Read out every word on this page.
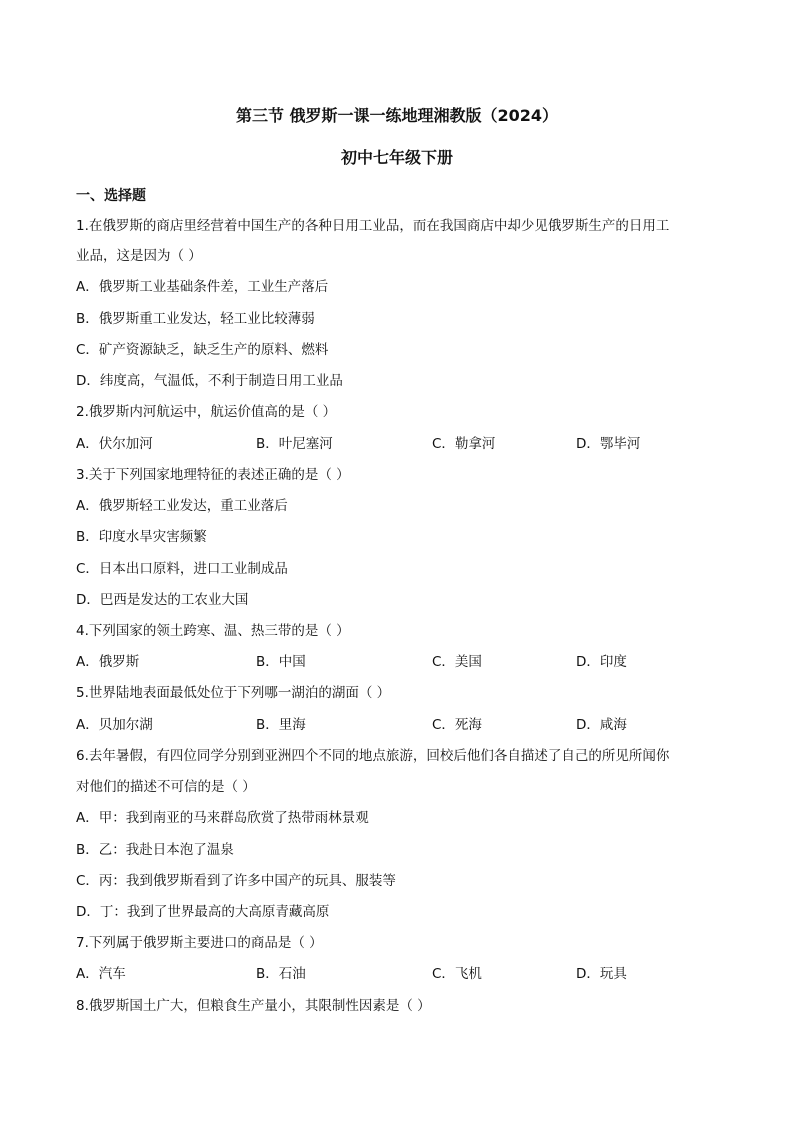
第三节 俄罗斯一课一练地理湘教版（2024）
初中七年级下册
一、选择题
1.在俄罗斯的商店里经营着中国生产的各种日用工业品，而在我国商店中却少见俄罗斯生产的日用工
业品，这是因为（ ）
A．俄罗斯工业基础条件差，工业生产落后
B．俄罗斯重工业发达，轻工业比较薄弱
C．矿产资源缺乏，缺乏生产的原料、燃料
D．纬度高，气温低，不利于制造日用工业品
2.俄罗斯内河航运中，航运价值高的是（ ）
A．伏尔加河	B．叶尼塞河	C．勒拿河	D．鄂毕河
3.关于下列国家地理特征的表述正确的是（ ）
A．俄罗斯轻工业发达，重工业落后
B．印度水旱灾害频繁
C．日本出口原料，进口工业制成品
D．巴西是发达的工农业大国
4.下列国家的领土跨寒、温、热三带的是（ ）
A．俄罗斯	B．中国	C．美国	D．印度
5.世界陆地表面最低处位于下列哪一湖泊的湖面（ ）
A．贝加尔湖	B．里海	C．死海	D．咸海
6.去年暑假，有四位同学分别到亚洲四个不同的地点旅游，回校后他们各自描述了自己的所见所闻你
对他们的描述不可信的是（ ）
A．甲：我到南亚的马来群岛欣赏了热带雨林景观
B．乙：我赴日本泡了温泉
C．丙：我到俄罗斯看到了许多中国产的玩具、服装等
D．丁：我到了世界最高的大高原青藏高原
7.下列属于俄罗斯主要进口的商品是（ ）
A．汽车	B．石油	C．飞机	D．玩具
8.俄罗斯国土广大，但粮食生产量小，其限制性因素是（ ）
